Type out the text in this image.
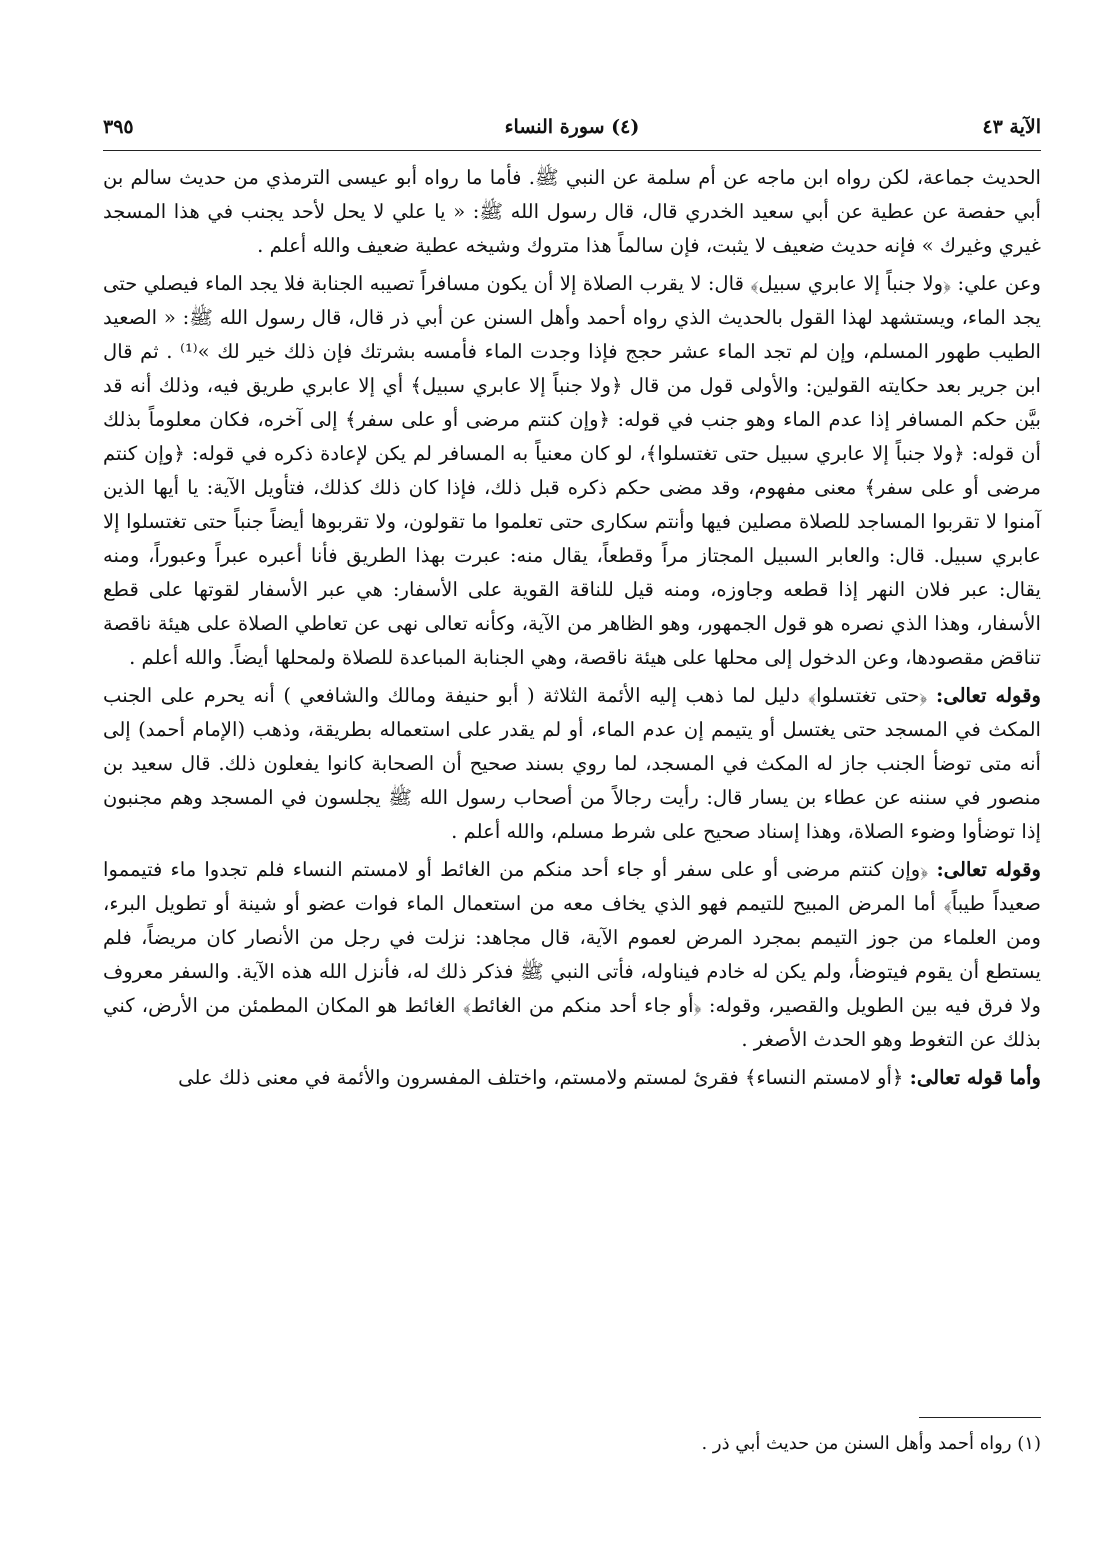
الآية ٤٣
(٤) سورة النساء
٣٩٥

الحديث جماعة، لكن رواه ابن ماجه عن أم سلمة عن النبي ﷺ. فأما ما رواه أبو عيسى الترمذي من حديث سالم بن أبي حفصة عن عطية عن أبي سعيد الخدري قال، قال رسول الله ﷺ: « يا علي لا يحل لأحد يجنب في هذا المسجد غيري وغيرك » فإنه حديث ضعيف لا يثبت، فإن سالماً هذا متروك وشيخه عطية ضعيف والله أعلم .

وعن علي: ﴿ولا جنباً إلا عابري سبيل﴾ قال: لا يقرب الصلاة إلا أن يكون مسافراً تصيبه الجنابة فلا يجد الماء فيصلي حتى يجد الماء، ويستشهد لهذا القول بالحديث الذي رواه أحمد وأهل السنن عن أبي ذر قال، قال رسول الله ﷺ: « الصعيد الطيب طهور المسلم، وإن لم تجد الماء عشر حجج فإذا وجدت الماء فأمسه بشرتك فإن ذلك خير لك »⁽¹⁾ . ثم قال ابن جرير بعد حكايته القولين: والأولى قول من قال ﴿ولا جنباً إلا عابري سبيل﴾ أي إلا عابري طريق فيه، وذلك أنه قد بيَّن حكم المسافر إذا عدم الماء وهو جنب في قوله: ﴿وإن كنتم مرضى أو على سفر﴾ إلى آخره، فكان معلوماً بذلك أن قوله: ﴿ولا جنباً إلا عابري سبيل حتى تغتسلوا﴾، لو كان معنياً به المسافر لم يكن لإعادة ذكره في قوله: ﴿وإن كنتم مرضى أو على سفر﴾ معنى مفهوم، وقد مضى حكم ذكره قبل ذلك، فإذا كان ذلك كذلك، فتأويل الآية: يا أيها الذين آمنوا لا تقربوا المساجد للصلاة مصلين فيها وأنتم سكارى حتى تعلموا ما تقولون، ولا تقربوها أيضاً جنباً حتى تغتسلوا إلا عابري سبيل. قال: والعابر السبيل المجتاز مراً وقطعاً، يقال منه: عبرت بهذا الطريق فأنا أعبره عبراً وعبوراً، ومنه يقال: عبر فلان النهر إذا قطعه وجاوزه، ومنه قيل للناقة القوية على الأسفار: هي عبر الأسفار لقوتها على قطع الأسفار، وهذا الذي نصره هو قول الجمهور، وهو الظاهر من الآية، وكأنه تعالى نهى عن تعاطي الصلاة على هيئة ناقصة تناقض مقصودها، وعن الدخول إلى محلها على هيئة ناقصة، وهي الجنابة المباعدة للصلاة ولمحلها أيضاً. والله أعلم .

وقوله تعالى: ﴿حتى تغتسلوا﴾ دليل لما ذهب إليه الأئمة الثلاثة ( أبو حنيفة ومالك والشافعي ) أنه يحرم على الجنب المكث في المسجد حتى يغتسل أو يتيمم إن عدم الماء، أو لم يقدر على استعماله بطريقة، وذهب (الإمام أحمد) إلى أنه متى توضأ الجنب جاز له المكث في المسجد، لما روي بسند صحيح أن الصحابة كانوا يفعلون ذلك. قال سعيد بن منصور في سننه عن عطاء بن يسار قال: رأيت رجالاً من أصحاب رسول الله ﷺ يجلسون في المسجد وهم مجنبون إذا توضأوا وضوء الصلاة، وهذا إسناد صحيح على شرط مسلم، والله أعلم .

وقوله تعالى: ﴿وإن كنتم مرضى أو على سفر أو جاء أحد منكم من الغائط أو لامستم النساء فلم تجدوا ماء فتيمموا صعيداً طيباً﴾ أما المرض المبيح للتيمم فهو الذي يخاف معه من استعمال الماء فوات عضو أو شينة أو تطويل البرء، ومن العلماء من جوز التيمم بمجرد المرض لعموم الآية، قال مجاهد: نزلت في رجل من الأنصار كان مريضاً، فلم يستطع أن يقوم فيتوضأ، ولم يكن له خادم فيناوله، فأتى النبي ﷺ فذكر ذلك له، فأنزل الله هذه الآية. والسفر معروف ولا فرق فيه بين الطويل والقصير، وقوله: ﴿أو جاء أحد منكم من الغائط﴾ الغائط هو المكان المطمئن من الأرض، كني بذلك عن التغوط وهو الحدث الأصغر .

وأما قوله تعالى: ﴿أو لامستم النساء﴾ فقرئ لمستم ولامستم، واختلف المفسرون والأئمة في معنى ذلك على

(١) رواه أحمد وأهل السنن من حديث أبي ذر .
